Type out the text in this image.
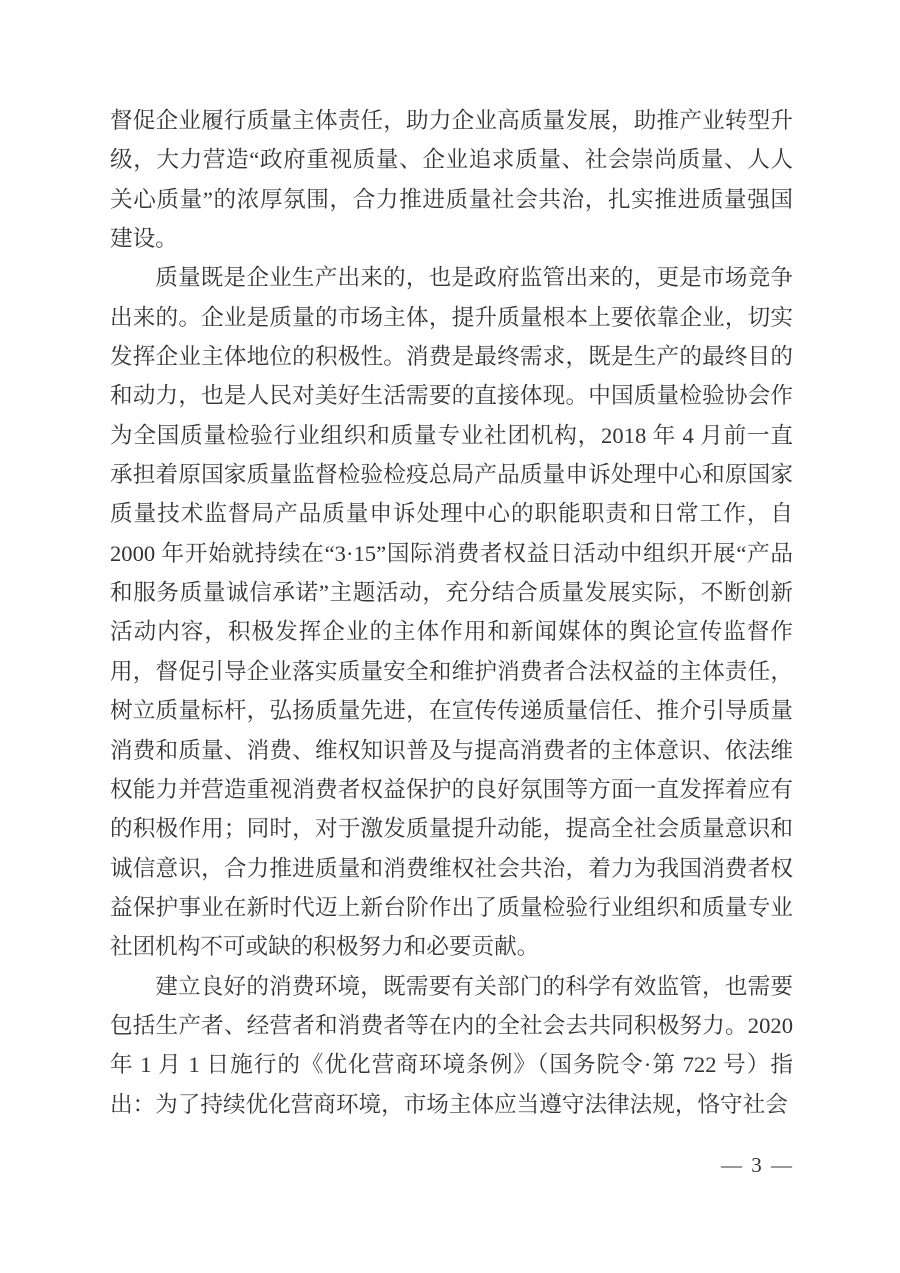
督促企业履行质量主体责任，助力企业高质量发展，助推产业转型升级，大力营造“政府重视质量、企业追求质量、社会崇尚质量、人人关心质量”的浓厚氛围，合力推进质量社会共治，扎实推进质量强国建设。

质量既是企业生产出来的，也是政府监管出来的，更是市场竞争出来的。企业是质量的市场主体，提升质量根本上要依靠企业，切实发挥企业主体地位的积极性。消费是最终需求，既是生产的最终目的和动力，也是人民对美好生活需要的直接体现。中国质量检验协会作为全国质量检验行业组织和质量专业社团机构，2018 年 4 月前一直承担着原国家质量监督检验检疫总局产品质量申诉处理中心和原国家质量技术监督局产品质量申诉处理中心的职能职责和日常工作，自 2000 年开始就持续在“3·15”国际消费者权益日活动中组织开展“产品和服务质量诚信承诺”主题活动，充分结合质量发展实际，不断创新活动内容，积极发挥企业的主体作用和新闻媒体的舆论宣传监督作用，督促引导企业落实质量安全和维护消费者合法权益的主体责任，树立质量标杆，弘扬质量先进，在宣传传递质量信任、推介引导质量消费和质量、消费、维权知识普及与提高消费者的主体意识、依法维权能力并营造重视消费者权益保护的良好氛围等方面一直发挥着应有的积极作用；同时，对于激发质量提升动能，提高全社会质量意识和诚信意识，合力推进质量和消费维权社会共治，着力为我国消费者权益保护事业在新时代迈上新台阶作出了质量检验行业组织和质量专业社团机构不可或缺的积极努力和必要贡献。

建立良好的消费环境，既需要有关部门的科学有效监管，也需要包括生产者、经营者和消费者等在内的全社会去共同积极努力。2020 年 1 月 1 日施行的《优化营商环境条例》（国务院令·第 722 号）指出：为了持续优化营商环境，市场主体应当遵守法律法规，恪守社会

— 3 —
